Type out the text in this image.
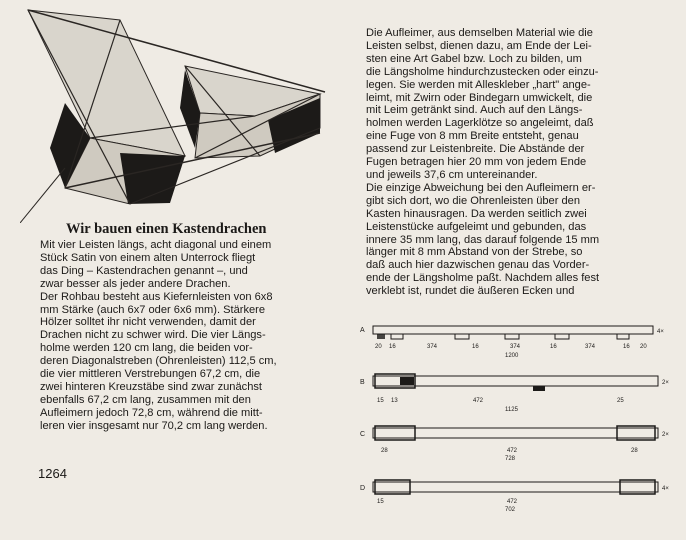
Wir bauen einen Kastendrachen
Mit vier Leisten längs, acht diagonal und einem
Stück Satin von einem alten Unterrock fliegt
das Ding – Kastendrachen genannt –, und
zwar besser als jeder andere Drachen.
Der Rohbau besteht aus Kiefernleisten von 6x8
mm Stärke (auch 6x7 oder 6x6 mm). Stärkere
Hölzer solltet ihr nicht verwenden, damit der
Drachen nicht zu schwer wird. Die vier Längs-
holme werden 120 cm lang, die beiden vor-
deren Diagonalstreben (Ohrenleisten) 112,5 cm,
die vier mittleren Verstrebungen 67,2 cm, die
zwei hinteren Kreuzstäbe sind zwar zunächst
ebenfalls 67,2 cm lang, zusammen mit den
Aufleimern jedoch 72,8 cm, während die mitt-
leren vier insgesamt nur 70,2 cm lang werden.
Die Aufleimer, aus demselben Material wie die
Leisten selbst, dienen dazu, am Ende der Lei-
sten eine Art Gabel bzw. Loch zu bilden, um
die Längsholme hindurchzustecken oder einzu-
legen. Sie werden mit Alleskleber „hart" ange-
leimt, mit Zwirn oder Bindegarn umwickelt, die
mit Leim getränkt sind. Auch auf den Längs-
holmen werden Lagerklötze so angeleimt, daß
eine Fuge von 8 mm Breite entsteht, genau
passend zur Leistenbreite. Die Abstände der
Fugen betragen hier 20 mm von jedem Ende
und jeweils 37,6 cm untereinander.
Die einzige Abweichung bei den Aufleimern er-
gibt sich dort, wo die Ohrenleisten über den
Kasten hinausragen. Da werden seitlich zwei
Leistenstücke aufgeleimt und gebunden, das
innere 35 mm lang, das darauf folgende 15 mm
länger mit 8 mm Abstand von der Strebe, so
daß auch hier dazwischen genau das Vorder-
ende der Längsholme paßt. Nachdem alles fest
verklebt ist, rundet die äußeren Ecken und
1264
A	4×
20 16	374	16	374	16	374	16 20
1200
B	2×
15 13	472	25
1125
C	2×
28	472	28
728
D	4×
15	472
702
